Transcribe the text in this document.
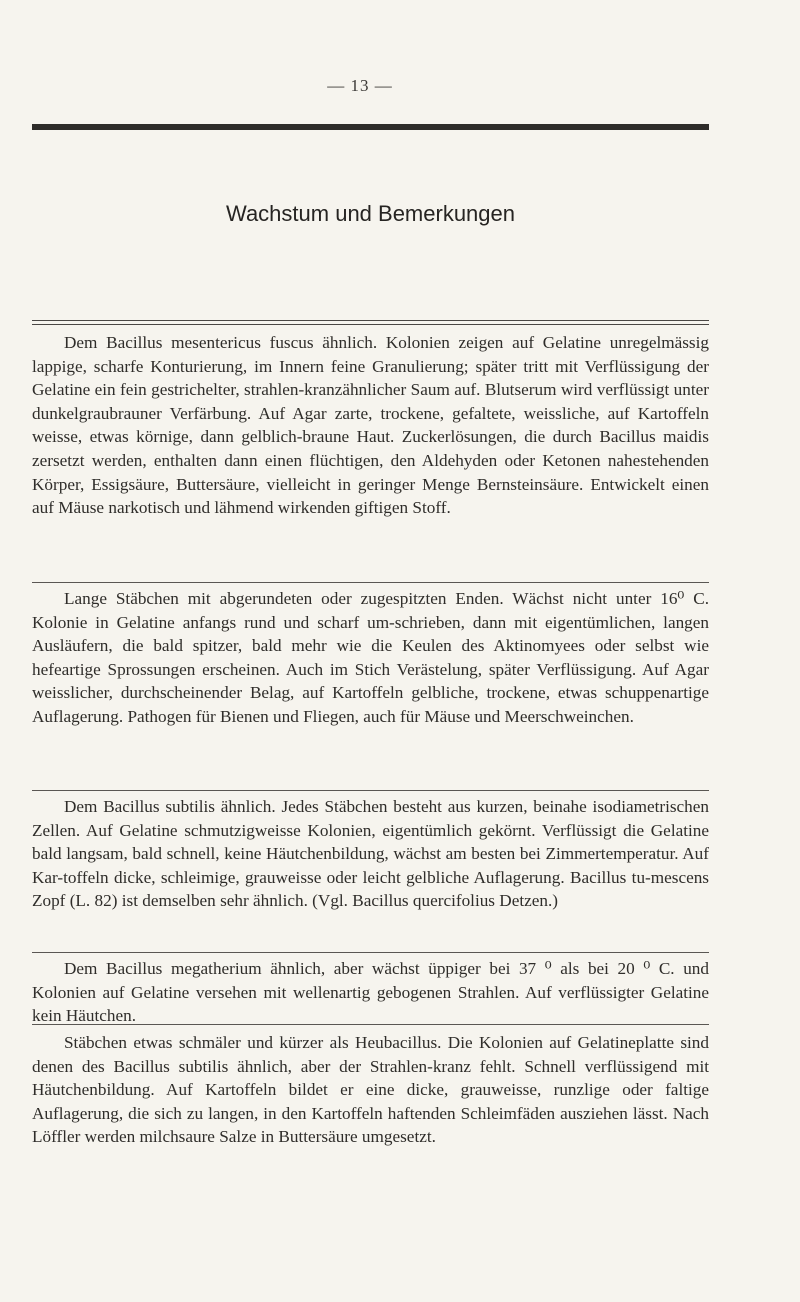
— 13 —
Wachstum und Bemerkungen

Dem Bacillus mesentericus fuscus ähnlich. Kolonien zeigen auf Gelatine unregelmässig lappige, scharfe Konturierung, im Innern feine Granulierung; später tritt mit Verflüssigung der Gelatine ein fein gestrichelter, strahlen-kranzähnlicher Saum auf. Blutserum wird verflüssigt unter dunkelgraubrauner Verfärbung. Auf Agar zarte, trockene, gefaltete, weissliche, auf Kartoffeln weisse, etwas körnige, dann gelblich-braune Haut. Zuckerlösungen, die durch Bacillus maidis zersetzt werden, enthalten dann einen flüchtigen, den Aldehyden oder Ketonen nahestehenden Körper, Essigsäure, Buttersäure, vielleicht in geringer Menge Bernsteinsäure. Entwickelt einen auf Mäuse narkotisch und lähmend wirkenden giftigen Stoff.

Lange Stäbchen mit abgerundeten oder zugespitzten Enden. Wächst nicht unter 16⁰ C. Kolonie in Gelatine anfangs rund und scharf um-schrieben, dann mit eigentümlichen, langen Ausläufern, die bald spitzer, bald mehr wie die Keulen des Aktinomyees oder selbst wie hefeartige Sprossungen erscheinen. Auch im Stich Verästelung, später Verflüssigung. Auf Agar weisslicher, durchscheinender Belag, auf Kartoffeln gelbliche, trockene, etwas schuppenartige Auflagerung. Pathogen für Bienen und Fliegen, auch für Mäuse und Meerschweinchen.

Dem Bacillus subtilis ähnlich. Jedes Stäbchen besteht aus kurzen, beinahe isodiametrischen Zellen. Auf Gelatine schmutzigweisse Kolonien, eigentümlich gekörnt. Verflüssigt die Gelatine bald langsam, bald schnell, keine Häutchenbildung, wächst am besten bei Zimmertemperatur. Auf Kar-toffeln dicke, schleimige, grauweisse oder leicht gelbliche Auflagerung. Bacillus tu-mescens Zopf (L. 82) ist demselben sehr ähnlich. (Vgl. Bacillus quercifolius Detzen.)

Dem Bacillus megatherium ähnlich, aber wächst üppiger bei 37 ⁰ als bei 20 ⁰ C. und Kolonien auf Gelatine versehen mit wellenartig gebogenen Strahlen. Auf verflüssigter Gelatine kein Häutchen.

Stäbchen etwas schmäler und kürzer als Heubacillus. Die Kolonien auf Gelatineplatte sind denen des Bacillus subtilis ähnlich, aber der Strahlen-kranz fehlt. Schnell verflüssigend mit Häutchenbildung. Auf Kartoffeln bildet er eine dicke, grauweisse, runzlige oder faltige Auflagerung, die sich zu langen, in den Kartoffeln haftenden Schleimfäden ausziehen lässt. Nach Löffler werden milchsaure Salze in Buttersäure umgesetzt.
